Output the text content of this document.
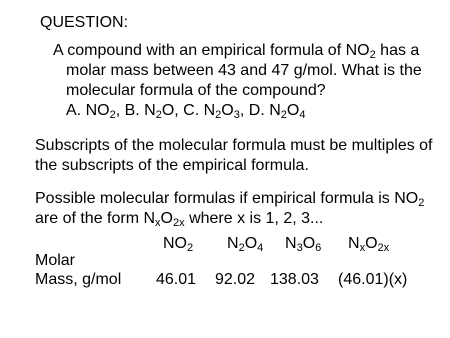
QUESTION:
A compound with an empirical formula of $NO_2$ has a
molar mass between 43 and 47 g/mol. What is the
molecular formula of the compound?
A. $NO_2$, B. $N_2O$, C. $N_2O_3$, D. $N_2O_4$
Subscripts of the molecular formula must be multiples of
the subscripts of the empirical formula.
Possible molecular formulas if empirical formula is $NO_2$
are of the form $N_xO_{2x}$ where x is 1, 2, 3...
$NO_2$ $N_2O_4$ $N_3O_6$ $N_xO_{2x}$
Molar
Mass, g/mol 46.01 92.02 138.03 (46.01)(x)
